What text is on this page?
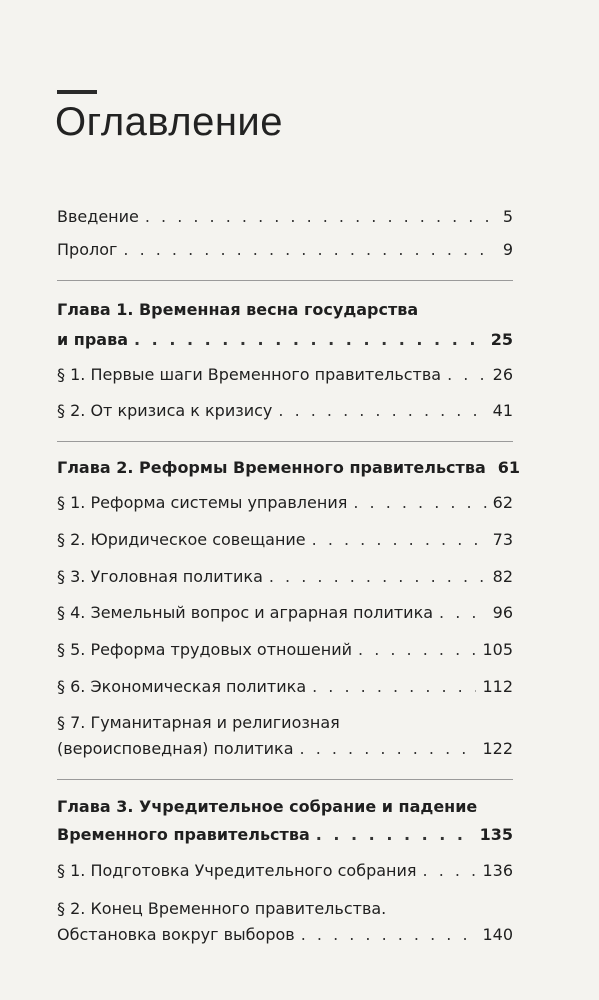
Оглавление
Введение . . .	5
Пролог . . .	9
Глава 1. Временная весна государства
и права . . .	25
§ 1. Первые шаги Временного правительства . . .	26
§ 2. От кризиса к кризису . . .	41
Глава 2. Реформы Временного правительства 61
§ 1. Реформа системы управления . . .	62
§ 2. Юридическое совещание . . .	73
§ 3. Уголовная политика . . .	82
§ 4. Земельный вопрос и аграрная политика . . .	96
§ 5. Реформа трудовых отношений . . .	105
§ 6. Экономическая политика . . .	112
§ 7. Гуманитарная и религиозная
(вероисповедная) политика . . .	122
Глава 3. Учредительное собрание и падение
Временного правительства . . .	135
§ 1. Подготовка Учредительного собрания . . .	136
§ 2. Конец Временного правительства.
Обстановка вокруг выборов . . .	140
